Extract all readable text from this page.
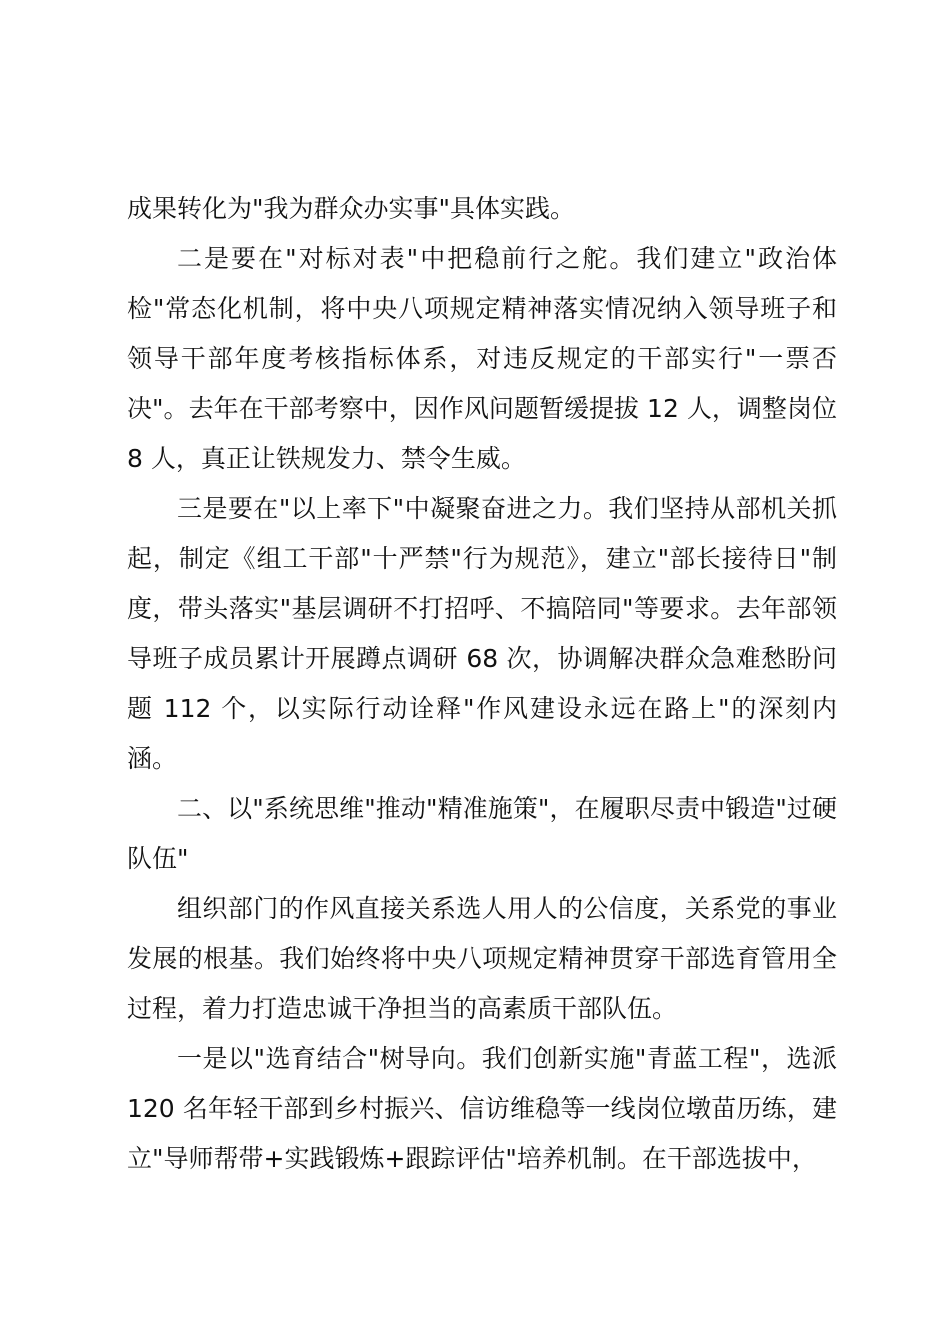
成果转化为"我为群众办实事"具体实践。

二是要在"对标对表"中把稳前行之舵。我们建立"政治体检"常态化机制，将中央八项规定精神落实情况纳入领导班子和领导干部年度考核指标体系，对违反规定的干部实行"一票否决"。去年在干部考察中，因作风问题暂缓提拔 12 人，调整岗位 8 人，真正让铁规发力、禁令生威。

三是要在"以上率下"中凝聚奋进之力。我们坚持从部机关抓起，制定《组工干部"十严禁"行为规范》，建立"部长接待日"制度，带头落实"基层调研不打招呼、不搞陪同"等要求。去年部领导班子成员累计开展蹲点调研 68 次，协调解决群众急难愁盼问题 112 个，以实际行动诠释"作风建设永远在路上"的深刻内涵。

二、以"系统思维"推动"精准施策"，在履职尽责中锻造"过硬队伍"

组织部门的作风直接关系选人用人的公信度，关系党的事业发展的根基。我们始终将中央八项规定精神贯穿干部选育管用全过程，着力打造忠诚干净担当的高素质干部队伍。

一是以"选育结合"树导向。我们创新实施"青蓝工程"，选派 120 名年轻干部到乡村振兴、信访维稳等一线岗位墩苗历练，建立"导师帮带+实践锻炼+跟踪评估"培养机制。在干部选拔中，
